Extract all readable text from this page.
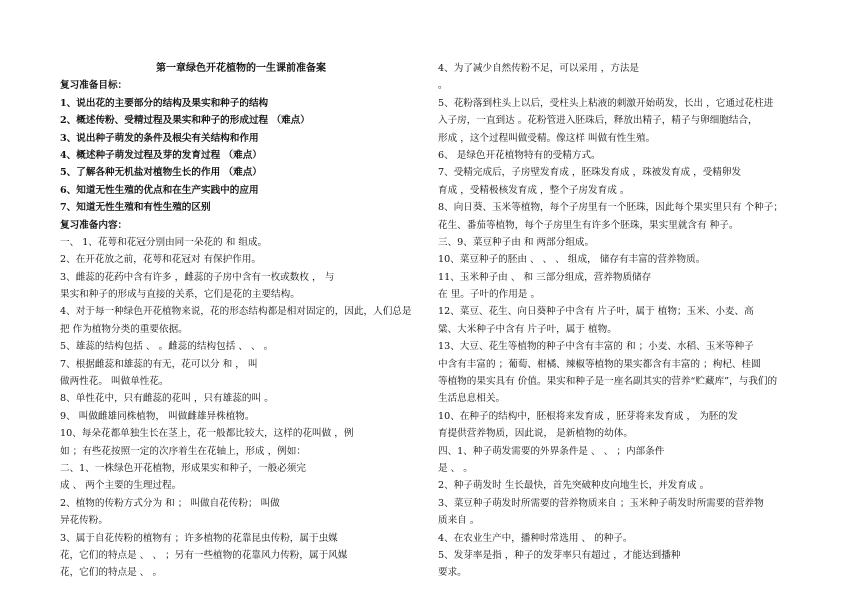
第一章绿色开花植物的一生课前准备案
复习准备目标：
1、说出花的主要部分的结构及果实和种子的结构
2、概述传粉、受精过程及果实和种子的形成过程 （难点）
3、说出种子萌发的条件及根尖有关结构和作用
4、概述种子萌发过程及芽的发育过程 （难点）
5、了解各种无机盐对植物生长的作用 （难点）
6、知道无性生殖的优点和在生产实践中的应用
7、知道无性生殖和有性生殖的区别
复习准备内容：
一、 1、花萼和花冠分别由同一朵花的 和 组成。
2、在开花放之前，花萼和花冠对 有保护作用。
3、雌蕊的花药中含有许多 ，雌蕊的子房中含有一枚或数枚 ， 与
果实和种子的形成与直接的关系，它们是花的主要结构。
4、对于每一种绿色开花植物来说，花的形态结构都是相对固定的，因此，人们总是
把 作为植物分类的重要依据。
5、雄蕊的结构包括 、 。雌蕊的结构包括 、 、 。
7、根据雌蕊和雄蕊的有无，花可以分 和 ， 叫
做两性花。 叫做单性花。
8、单性花中，只有雌蕊的花叫 ，只有雄蕊的叫 。
9、 叫做雌雄同株植物， 叫做雌雄异株植物。
10、每朵花都单独生长在茎上，花一般都比较大，这样的花叫做 ，例
如 ；有些花按照一定的次序着生在花轴上，形成 ，例如：
二、1、一株绿色开花植物，形成果实和种子，一般必须完
成 、 两个主要的生理过程。
2、植物的传粉方式分为 和 ； 叫做自花传粉； 叫做
异花传粉。
3、属于自花传粉的植物有 ；许多植物的花靠昆虫传粉，属于虫媒
花，它们的特点是 、 、 ；另有一些植物的花靠风力传粉，属于风媒
花，它们的特点是 、 。
4、为了减少自然传粉不足，可以采用 ，方法是
。
5、花粉落到柱头上以后，受柱头上粘液的刺激开始萌发，长出 ，它通过花柱进
入子房，一直到达 。花粉管进入胚珠后，释放出精子，精子与卵细胞结合，
形成 ，这个过程叫做受精。像这样 叫做有性生殖。
6、 是绿色开花植物特有的受精方式。
7、受精完成后，子房壁发育成 ，胚珠发育成 ，珠被发育成 ，受精卵发
育成 ，受精极核发育成 ，整个子房发育成 。
8、向日葵、玉米等植物，每个子房里有一个胚珠，因此每个果实里只有 个种子；
花生、番茄等植物，每个子房里生有许多个胚珠，果实里就含有 种子。
三、9、菜豆种子由 和 两部分组成。
10、菜豆种子的胚由 、 、 、 组成， 储存有丰富的营养物质。
11、玉米种子由 、 和 三部分组成，营养物质储存
在 里。子叶的作用是 。
12、菜豆、花生、向日葵种子中含有 片子叶，属于 植物；玉米、小麦、高
粱、大米种子中含有 片子叶，属于 植物。
13、大豆、花生等植物的种子中含有丰富的 和 ；小麦、水稻、玉米等种子
中含有丰富的 ；葡萄、柑橘、辣椒等植物的果实都含有丰富的 ；枸杞、桂圆
等植物的果实具有 价值。果实和种子是一座名副其实的营养“贮藏库”，与我们的
生活息息相关。
10、在种子的结构中，胚根将来发育成 ，胚芽将来发育成 ， 为胚的发
育提供营养物质，因此说， 是新植物的幼体。
四、1、种子萌发需要的外界条件是 、 、 ；内部条件
是 、 。
2、种子萌发时 生长最快，首先突破种皮向地生长，并发育成 。
3、菜豆种子萌发时所需要的营养物质来自 ；玉米种子萌发时所需要的营养物
质来自 。
4、在农业生产中，播种时常选用 、 的种子。
5、发芽率是指 ，种子的发芽率只有超过 ，才能达到播种
要求。
